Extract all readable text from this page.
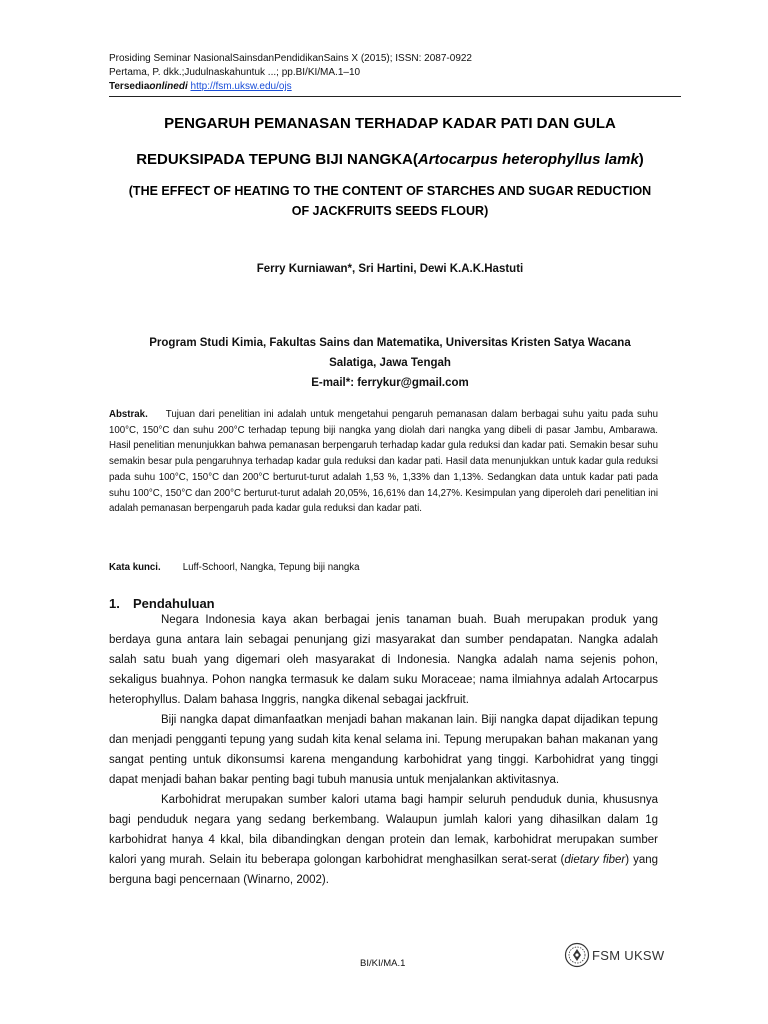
Prosiding Seminar NasionalSainsdanPendidikanSains X (2015); ISSN: 2087-0922
Pertama, P. dkk.;Judulnaskahuntuk ...; pp.BI/KI/MA.1–10
Tersediaonlinedi http://fsm.uksw.edu/ojs
PENGARUH PEMANASAN TERHADAP KADAR PATI DAN GULA
REDUKSIPADA TEPUNG BIJI NANGKA(Artocarpus heterophyllus lamk)
(THE EFFECT OF HEATING TO THE CONTENT OF STARCHES AND SUGAR REDUCTION
OF JACKFRUITS SEEDS FLOUR)
Ferry Kurniawan*, Sri Hartini, Dewi K.A.K.Hastuti
Program Studi Kimia, Fakultas Sains dan Matematika, Universitas Kristen Satya Wacana
Salatiga, Jawa Tengah
E-mail*: ferrykur@gmail.com
Abstrak. Tujuan dari penelitian ini adalah untuk mengetahui pengaruh pemanasan dalam berbagai suhu yaitu pada suhu 100°C, 150°C dan suhu 200°C terhadap tepung biji nangka yang diolah dari nangka yang dibeli di pasar Jambu, Ambarawa. Hasil penelitian menunjukkan bahwa pemanasan berpengaruh terhadap kadar gula reduksi dan kadar pati. Semakin besar suhu semakin besar pula pengaruhnya terhadap kadar gula reduksi dan kadar pati. Hasil data menunjukkan untuk kadar gula reduksi pada suhu 100°C, 150°C dan 200°C berturut-turut adalah 1,53 %, 1,33% dan 1,13%. Sedangkan data untuk kadar pati pada suhu 100°C, 150°C dan 200°C berturut-turut adalah 20,05%, 16,61% dan 14,27%. Kesimpulan yang diperoleh dari penelitian ini adalah pemanasan berpengaruh pada kadar gula reduksi dan kadar pati.
Kata kunci. Luff-Schoorl, Nangka, Tepung biji nangka
1. Pendahuluan

Negara Indonesia kaya akan berbagai jenis tanaman buah. Buah merupakan produk yang berdaya guna antara lain sebagai penunjang gizi masyarakat dan sumber pendapatan. Nangka adalah salah satu buah yang digemari oleh masyarakat di Indonesia. Nangka adalah nama sejenis pohon, sekaligus buahnya. Pohon nangka termasuk ke dalam suku Moraceae; nama ilmiahnya adalah Artocarpus heterophyllus. Dalam bahasa Inggris, nangka dikenal sebagai jackfruit.

Biji nangka dapat dimanfaatkan menjadi bahan makanan lain. Biji nangka dapat dijadikan tepung dan menjadi pengganti tepung yang sudah kita kenal selama ini. Tepung merupakan bahan makanan yang sangat penting untuk dikonsumsi karena mengandung karbohidrat yang tinggi. Karbohidrat yang tinggi dapat menjadi bahan bakar penting bagi tubuh manusia untuk menjalankan aktivitasnya.

Karbohidrat merupakan sumber kalori utama bagi hampir seluruh penduduk dunia, khususnya bagi penduduk negara yang sedang berkembang. Walaupun jumlah kalori yang dihasilkan dalam 1g karbohidrat hanya 4 kkal, bila dibandingkan dengan protein dan lemak, karbohidrat merupakan sumber kalori yang murah. Selain itu beberapa golongan karbohidrat menghasilkan serat-serat (dietary fiber) yang berguna bagi pencernaan (Winarno, 2002).

BI/KI/MA.1
FSM UKSW
